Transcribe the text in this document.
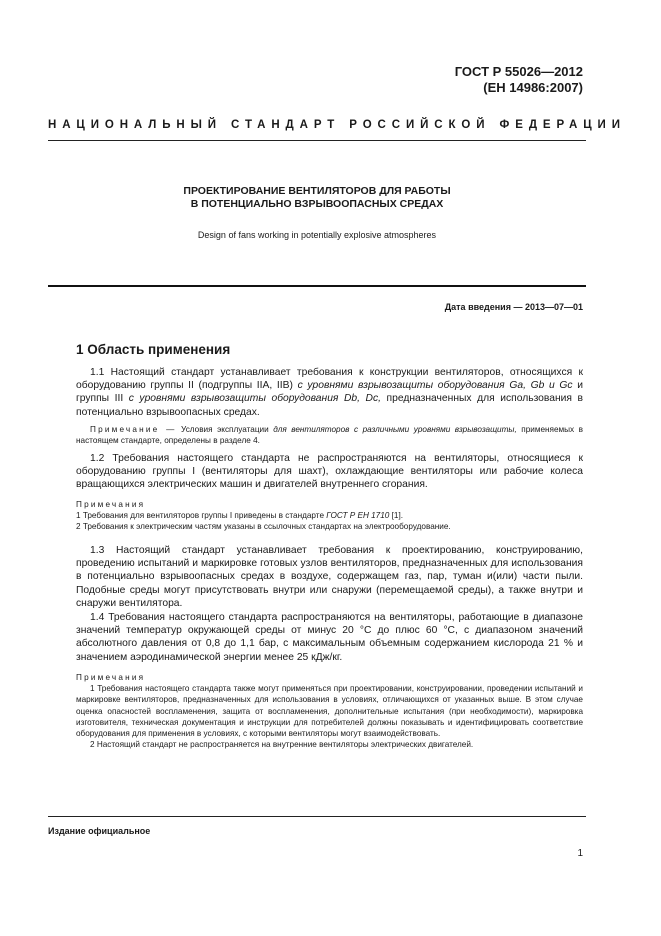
ГОСТ Р 55026—2012
(ЕН 14986:2007)
НАЦИОНАЛЬНЫЙ СТАНДАРТ РОССИЙСКОЙ ФЕДЕРАЦИИ
ПРОЕКТИРОВАНИЕ ВЕНТИЛЯТОРОВ ДЛЯ РАБОТЫ
В ПОТЕНЦИАЛЬНО ВЗРЫВООПАСНЫХ СРЕДАХ
Design of fans working in potentially explosive atmospheres
Дата введения — 2013—07—01
1 Область применения
1.1 Настоящий стандарт устанавливает требования к конструкции вентиляторов, относящихся к оборудованию группы II (подгруппы IIA, IIB) с уровнями взрывозащиты оборудования Ga, Gb и Gc и группы III с уровнями взрывозащиты оборудования Db, Dc, предназначенных для использования в потенциально взрывоопасных средах.
Примечание — Условия эксплуатации для вентиляторов с различными уровнями взрывозащиты, применяемых в настоящем стандарте, определены в разделе 4.
1.2 Требования настоящего стандарта не распространяются на вентиляторы, относящиеся к оборудованию группы I (вентиляторы для шахт), охлаждающие вентиляторы или рабочие колеса вращающихся электрических машин и двигателей внутреннего сгорания.
Примечания
1 Требования для вентиляторов группы I приведены в стандарте ГОСТ Р ЕН 1710 [1].
2 Требования к электрическим частям указаны в ссылочных стандартах на электрооборудование.
1.3 Настоящий стандарт устанавливает требования к проектированию, конструированию, проведению испытаний и маркировке готовых узлов вентиляторов, предназначенных для использования в потенциально взрывоопасных средах в воздухе, содержащем газ, пар, туман и(или) части пыли. Подобные среды могут присутствовать внутри или снаружи (перемещаемой среды), а также внутри и снаружи вентилятора.
1.4 Требования настоящего стандарта распространяются на вентиляторы, работающие в диапазоне значений температур окружающей среды от минус 20 °С до плюс 60 °С, с диапазоном значений абсолютного давления от 0,8 до 1,1 бар, с максимальным объемным содержанием кислорода 21 % и значением аэродинамической энергии менее 25 кДж/кг.
Примечания
1 Требования настоящего стандарта также могут применяться при проектировании, конструировании, проведении испытаний и маркировке вентиляторов, предназначенных для использования в условиях, отличающихся от указанных выше. В этом случае оценка опасностей воспламенения, защита от воспламенения, дополнительные испытания (при необходимости), маркировка изготовителя, техническая документация и инструкции для потребителей должны показывать и идентифицировать соответствие оборудования для применения в условиях, с которыми вентиляторы могут взаимодействовать.
2 Настоящий стандарт не распространяется на внутренние вентиляторы электрических двигателей.
Издание официальное
1
